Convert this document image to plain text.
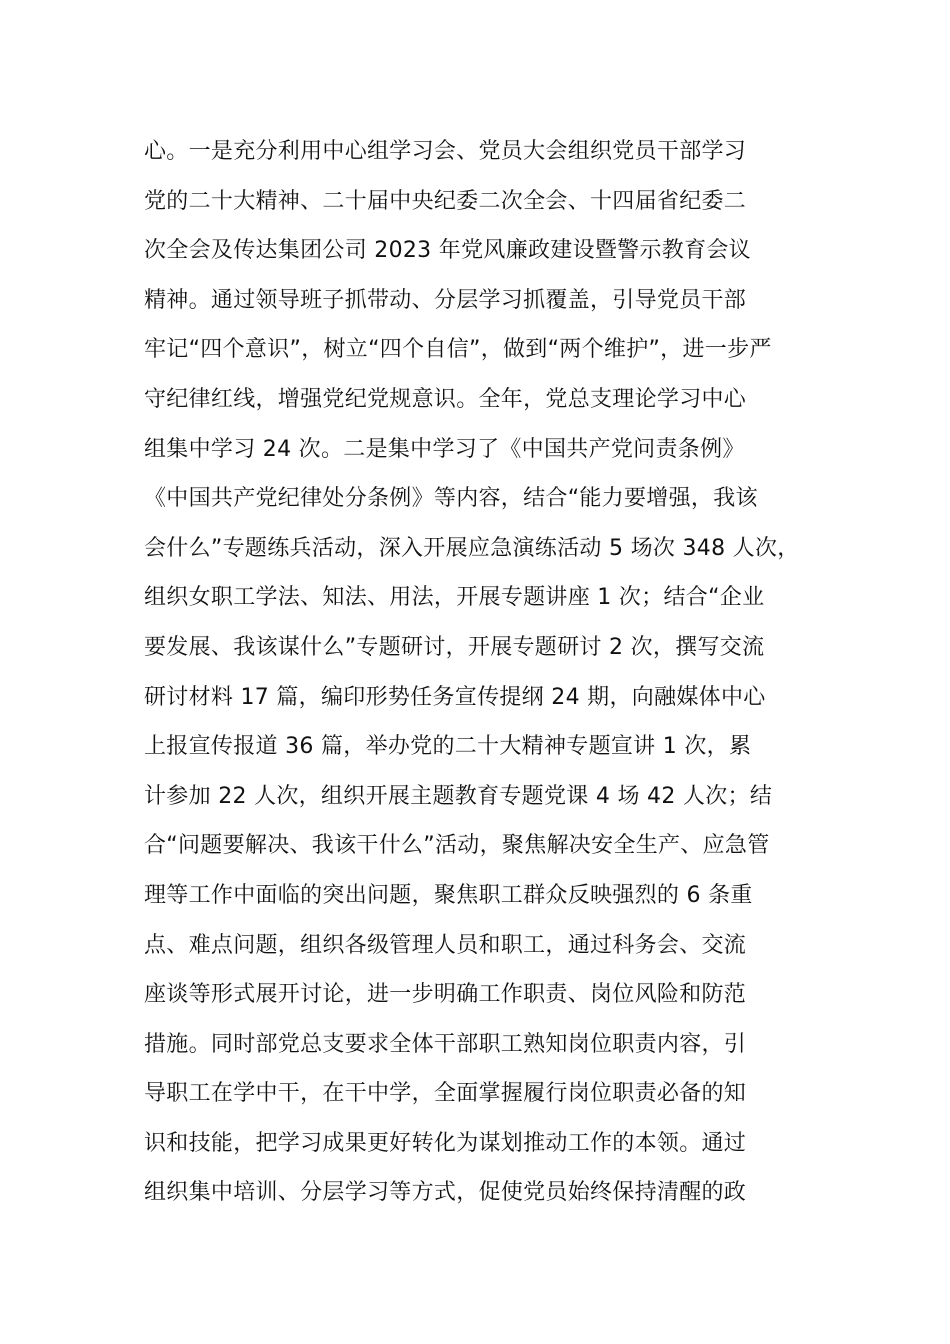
心。一是充分利用中心组学习会、党员大会组织党员干部学习
党的二十大精神、二十届中央纪委二次全会、十四届省纪委二
次全会及传达集团公司 2023 年党风廉政建设暨警示教育会议
精神。通过领导班子抓带动、分层学习抓覆盖，引导党员干部
牢记“四个意识”，树立“四个自信”，做到“两个维护”，进一步严
守纪律红线，增强党纪党规意识。全年，党总支理论学习中心
组集中学习 24 次。二是集中学习了《中国共产党问责条例》
《中国共产党纪律处分条例》等内容，结合“能力要增强，我该
会什么”专题练兵活动，深入开展应急演练活动 5 场次 348 人次，
组织女职工学法、知法、用法，开展专题讲座 1 次；结合“企业
要发展、我该谋什么”专题研讨，开展专题研讨 2 次，撰写交流
研讨材料 17 篇，编印形势任务宣传提纲 24 期，向融媒体中心
上报宣传报道 36 篇，举办党的二十大精神专题宣讲 1 次，累
计参加 22 人次，组织开展主题教育专题党课 4 场 42 人次；结
合“问题要解决、我该干什么”活动，聚焦解决安全生产、应急管
理等工作中面临的突出问题，聚焦职工群众反映强烈的 6 条重
点、难点问题，组织各级管理人员和职工，通过科务会、交流
座谈等形式展开讨论，进一步明确工作职责、岗位风险和防范
措施。同时部党总支要求全体干部职工熟知岗位职责内容，引
导职工在学中干，在干中学，全面掌握履行岗位职责必备的知
识和技能，把学习成果更好转化为谋划推动工作的本领。通过
组织集中培训、分层学习等方式，促使党员始终保持清醒的政
